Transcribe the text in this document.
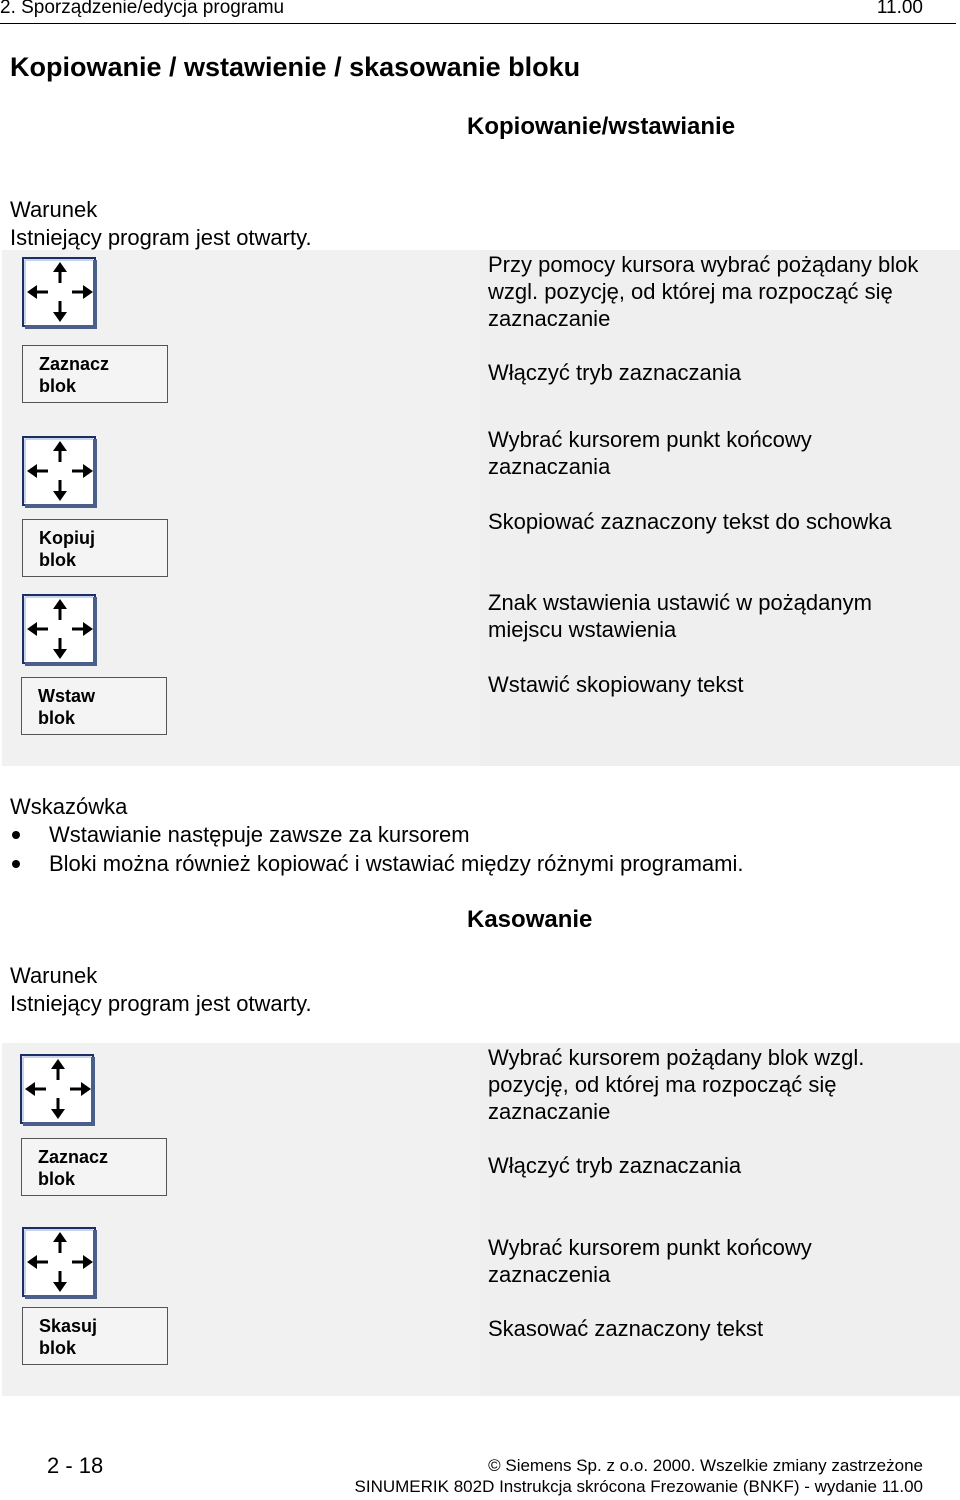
2. Sporządzenie/edycja programu	11.00
Kopiowanie / wstawienie / skasowanie bloku
Kopiowanie/wstawianie
Warunek
Istniejący program jest otwarty.
Zaznacz
blok
Kopiuj
blok
Wstaw
blok
Przy pomocy kursora wybrać pożądany blok wzgl. pozycję, od której ma rozpocząć się zaznaczanie
Włączyć tryb zaznaczania
Wybrać kursorem punkt końcowy zaznaczania
Skopiować zaznaczony tekst do schowka
Znak wstawienia ustawić w pożądanym miejscu wstawienia
Wstawić skopiowany tekst
Wskazówka
Wstawianie następuje zawsze za kursorem
Bloki można również kopiować i wstawiać między różnymi programami.
Kasowanie
Warunek
Istniejący program jest otwarty.
Zaznacz
blok
Skasuj
blok
Wybrać kursorem pożądany blok wzgl. pozycję, od której ma rozpocząć się zaznaczanie
Włączyć tryb zaznaczania
Wybrać kursorem punkt końcowy zaznaczenia
Skasować zaznaczony tekst
2 - 18	© Siemens Sp. z o.o. 2000. Wszelkie zmiany zastrzeżone
SINUMERIK 802D Instrukcja skrócona Frezowanie (BNKF) - wydanie 11.00
